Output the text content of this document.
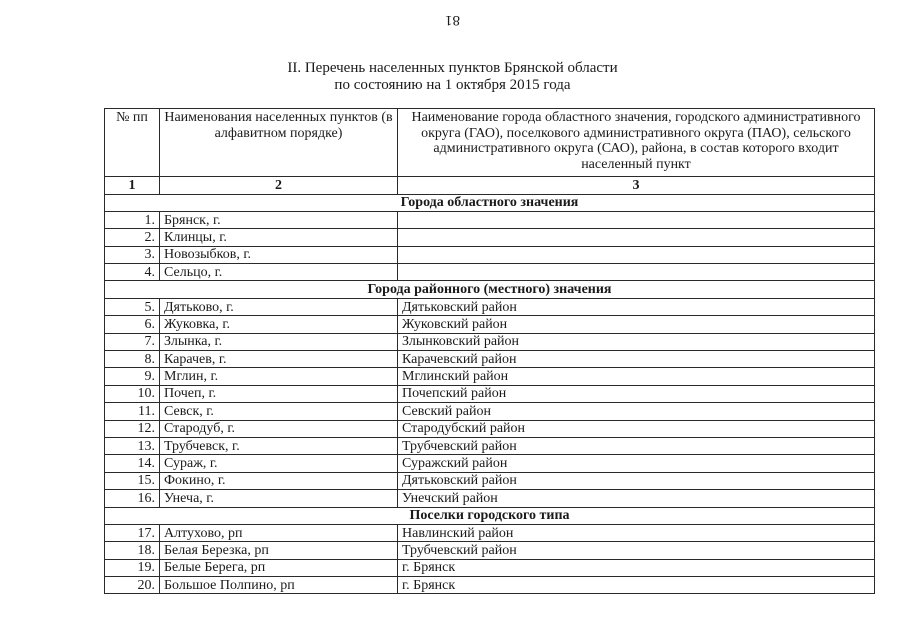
81
II. Перечень населенных пунктов Брянской области
по состоянию на 1 октября 2015 года
№ пп	Наименования населенных пунктов (в алфавитном порядке)	Наименование города областного значения, городского административного округа (ГАО), поселкового административного округа (ПАО), сельского административного округа (САО), района, в состав которого входит населенный пункт
1	2	3
Города областного значения		
1.	Брянск, г.	
2.	Клинцы, г.	
3.	Новозыбков, г.	
4.	Сельцо, г.	
Города районного (местного) значения		
5.	Дятьково, г.	Дятьковский район
6.	Жуковка, г.	Жуковский район
7.	Злынка, г.	Злынковский район
8.	Карачев, г.	Карачевский район
9.	Мглин, г.	Мглинский район
10.	Почеп, г.	Почепский район
11.	Севск, г.	Севский район
12.	Стародуб, г.	Стародубский район
13.	Трубчевск, г.	Трубчевский район
14.	Сураж, г.	Суражский район
15.	Фокино, г.	Дятьковский район
16.	Унеча, г.	Унечский район
Поселки городского типа		
17.	Алтухово, рп	Навлинский район
18.	Белая Березка, рп	Трубчевский район
19.	Белые Берега, рп	г. Брянск
20.	Большое Полпино, рп	г. Брянск
